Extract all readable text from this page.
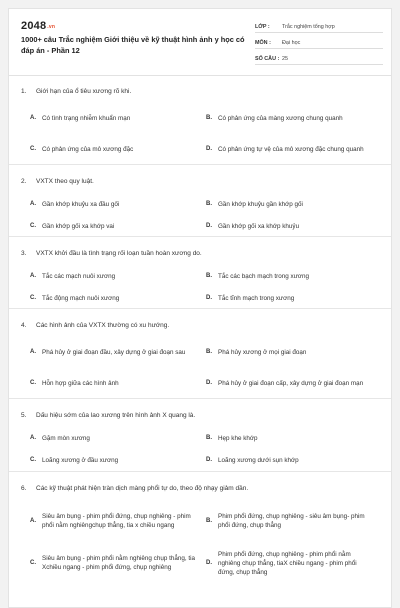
2048.vn
1000+ câu Trắc nghiệm Giới thiệu về kỹ thuật hình ảnh y học có đáp án - Phần 12
LỚP :	Trắc nghiệm tổng hợp
MÔN :	Đại học
SỐ CÂU : 25
1.	Giới hạn của ổ tiêu xương rõ khi.
A. Có tình trạng nhiễm khuẩn mạn	B. Có phản ứng của màng xương chung quanh
C. Có phản ứng của mô xương đặc	D. Có phản ứng tự vệ của mô xương đặc chung quanh
2.	VXTX theo quy luật.
A. Gần khớp khuỷu xa đầu gối	B. Gần khớp khuỷu gần khớp gối
C. Gần khớp gối xa khớp vai	D. Gần khớp gối xa khớp khuỷu
3.	VXTX khởi đầu là tình trạng rối loạn tuần hoàn xương do.
A. Tắc các mạch nuôi xương	B. Tắc các bạch mạch trong xương
C. Tắc động mạch nuôi xương	D. Tắc tĩnh mạch trong xương
4.	Các hình ảnh của VXTX thường có xu hướng.
A. Phá hủy ở giai đoạn đầu, xây dựng ở giai đoạn sau	B. Phá hủy xương ở mọi giai đoạn
C. Hỗn hợp giữa các hình ảnh	D. Phá hủy ở giai đoạn cấp, xây dựng ở giai đoạn mạn
5.	Dấu hiệu sớm của lao xương trên hình ảnh X quang là.
A. Gặm mòn xương	B. Hẹp khe khớp
C. Loãng xương ở đầu xương	D. Loãng xương dưới sụn khớp
6.	Các kỹ thuật phát hiện tràn dịch màng phổi tự do, theo độ nhạy giảm dần.
A.
Siêu âm bụng - phim phổi đứng, chụp nghiêng - phim phổi nằm nghiêngchụp thẳng, tia x chiều ngang
B.
Phim phổi đứng, chụp nghiêng - siêu âm bụng- phim phổi đứng, chụp thẳng
C.
Siêu âm bụng - phim phổi nằm nghiêng chụp thẳng, tia Xchiều ngang - phim phổi đứng, chụp nghiêng
D.
Phim phổi đứng, chụp nghiêng - phim phổi nằm nghiêng chụp thẳng, tiaX chiều ngang - phim phổi đứng, chụp thẳng
